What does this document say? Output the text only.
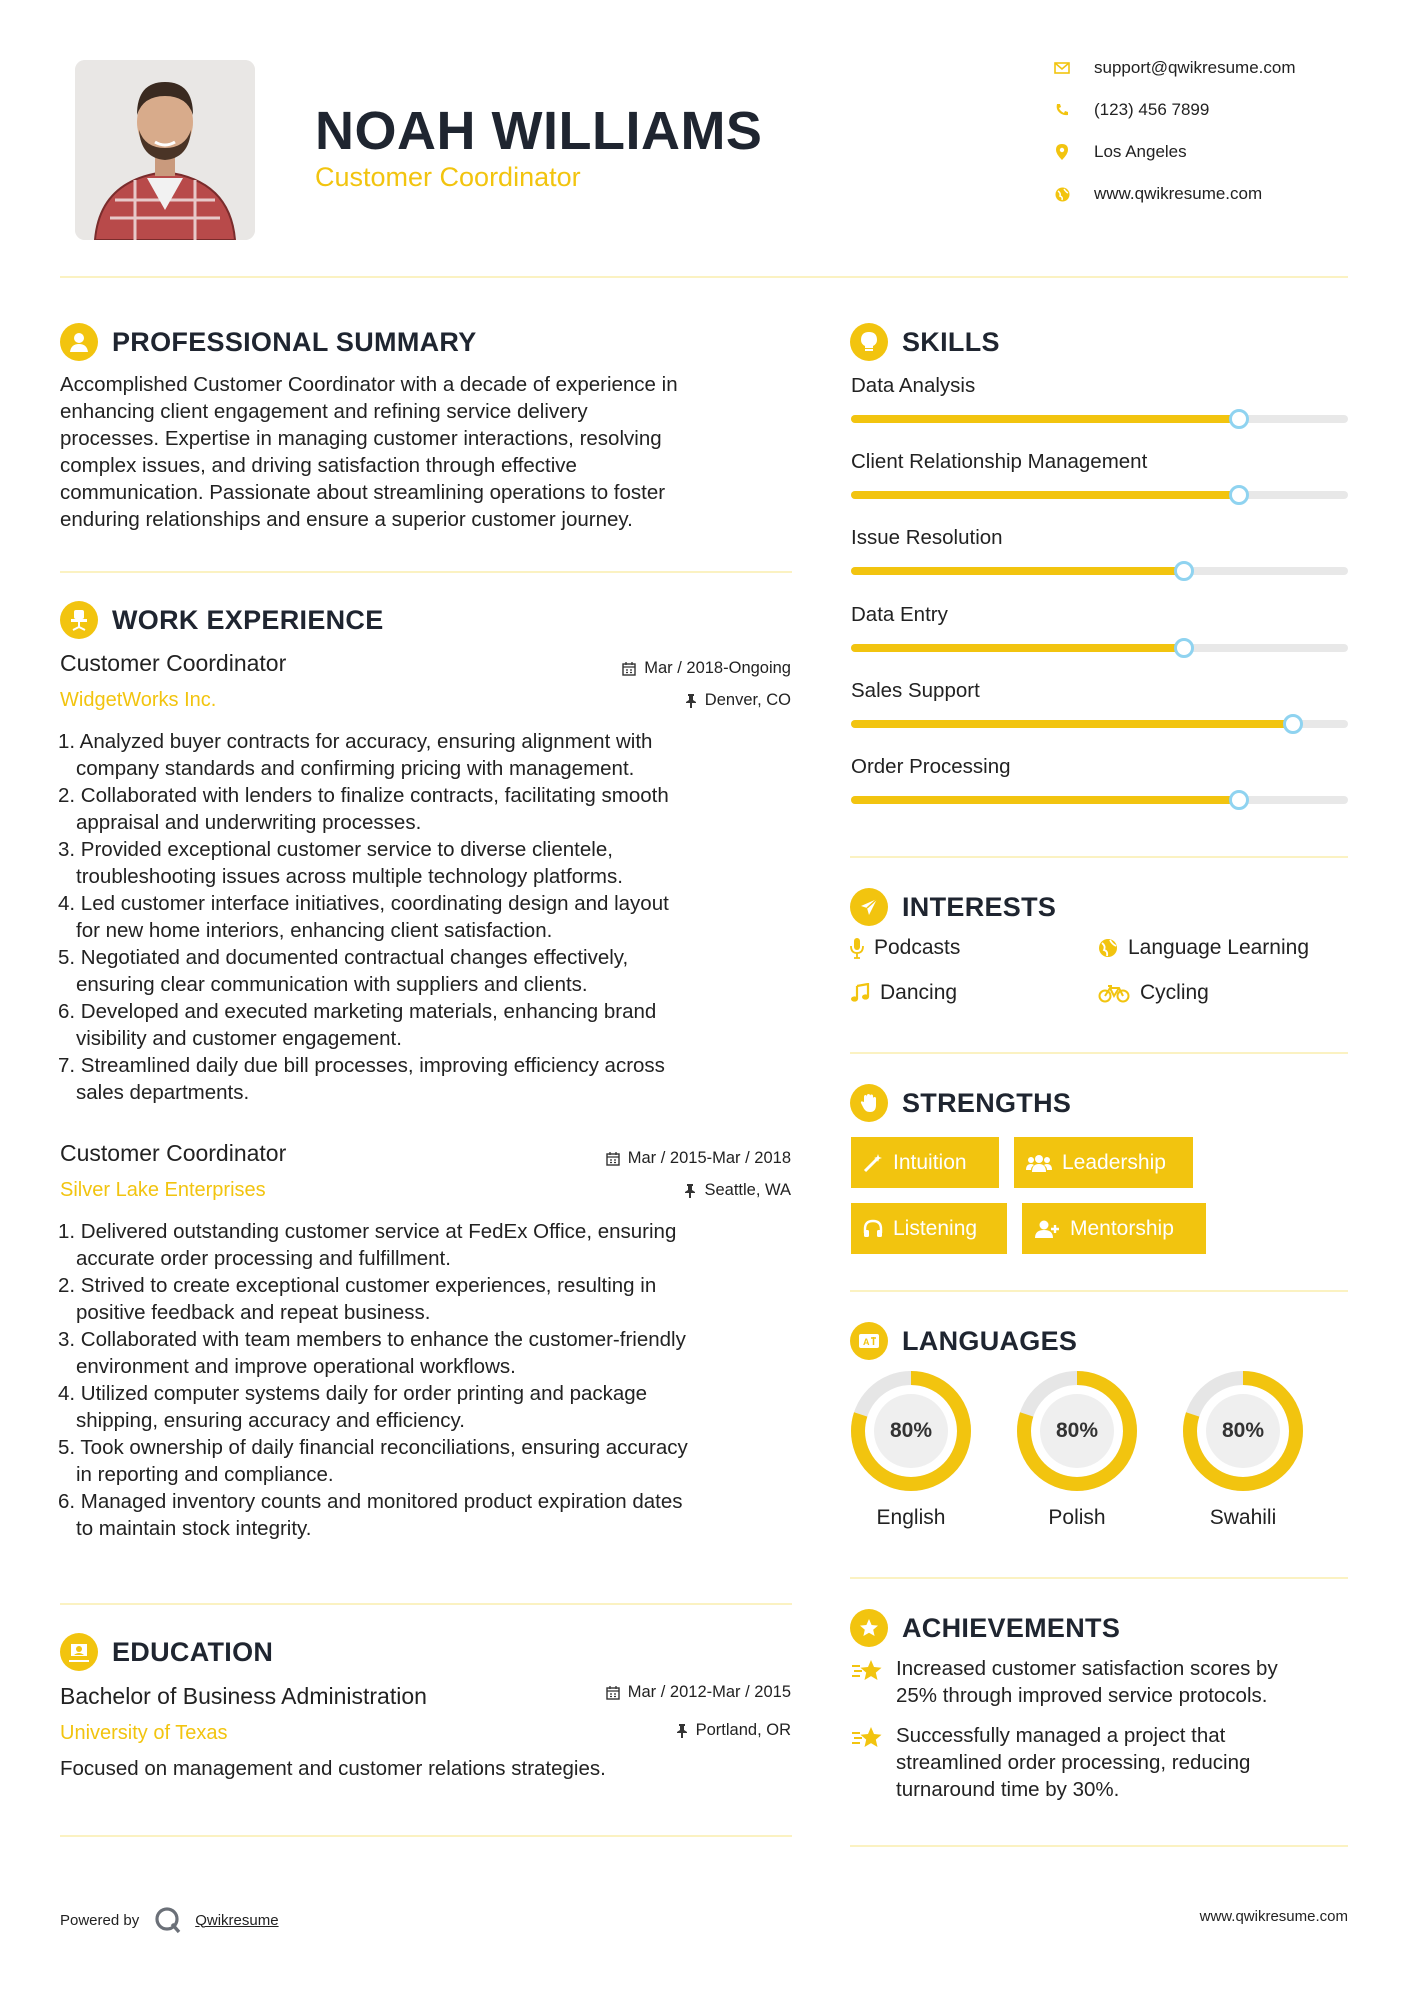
NOAH WILLIAMS
Customer Coordinator
support@qwikresume.com
(123) 456 7899
Los Angeles
www.qwikresume.com
PROFESSIONAL SUMMARY
Accomplished Customer Coordinator with a decade of experience in
enhancing client engagement and refining service delivery
processes. Expertise in managing customer interactions, resolving
complex issues, and driving satisfaction through effective
communication. Passionate about streamlining operations to foster
enduring relationships and ensure a superior customer journey.
WORK EXPERIENCE
Customer Coordinator
WidgetWorks Inc.
Mar / 2018-Ongoing
Denver, CO
1. Analyzed buyer contracts for accuracy, ensuring alignment with
company standards and confirming pricing with management.
2. Collaborated with lenders to finalize contracts, facilitating smooth
appraisal and underwriting processes.
3. Provided exceptional customer service to diverse clientele,
troubleshooting issues across multiple technology platforms.
4. Led customer interface initiatives, coordinating design and layout
for new home interiors, enhancing client satisfaction.
5. Negotiated and documented contractual changes effectively,
ensuring clear communication with suppliers and clients.
6. Developed and executed marketing materials, enhancing brand
visibility and customer engagement.
7. Streamlined daily due bill processes, improving efficiency across
sales departments.
Customer Coordinator
Silver Lake Enterprises
Mar / 2015-Mar / 2018
Seattle, WA
1. Delivered outstanding customer service at FedEx Office, ensuring
accurate order processing and fulfillment.
2. Strived to create exceptional customer experiences, resulting in
positive feedback and repeat business.
3. Collaborated with team members to enhance the customer-friendly
environment and improve operational workflows.
4. Utilized computer systems daily for order printing and package
shipping, ensuring accuracy and efficiency.
5. Took ownership of daily financial reconciliations, ensuring accuracy
in reporting and compliance.
6. Managed inventory counts and monitored product expiration dates
to maintain stock integrity.
EDUCATION
Bachelor of Business Administration
University of Texas
Mar / 2012-Mar / 2015
Portland, OR
Focused on management and customer relations strategies.
SKILLS
Data Analysis
Client Relationship Management
Issue Resolution
Data Entry
Sales Support
Order Processing
INTERESTS
Podcasts	Language Learning
Dancing	Cycling
STRENGTHS
Intuition	Leadership
Listening	Mentorship
A LANGUAGES
80%
English
80%
Polish
80%
Swahili
ACHIEVEMENTS
Increased customer satisfaction scores by
25% through improved service protocols.
Successfully managed a project that
streamlined order processing, reducing
turnaround time by 30%.
Powered by	Qwikresume	www.qwikresume.com
